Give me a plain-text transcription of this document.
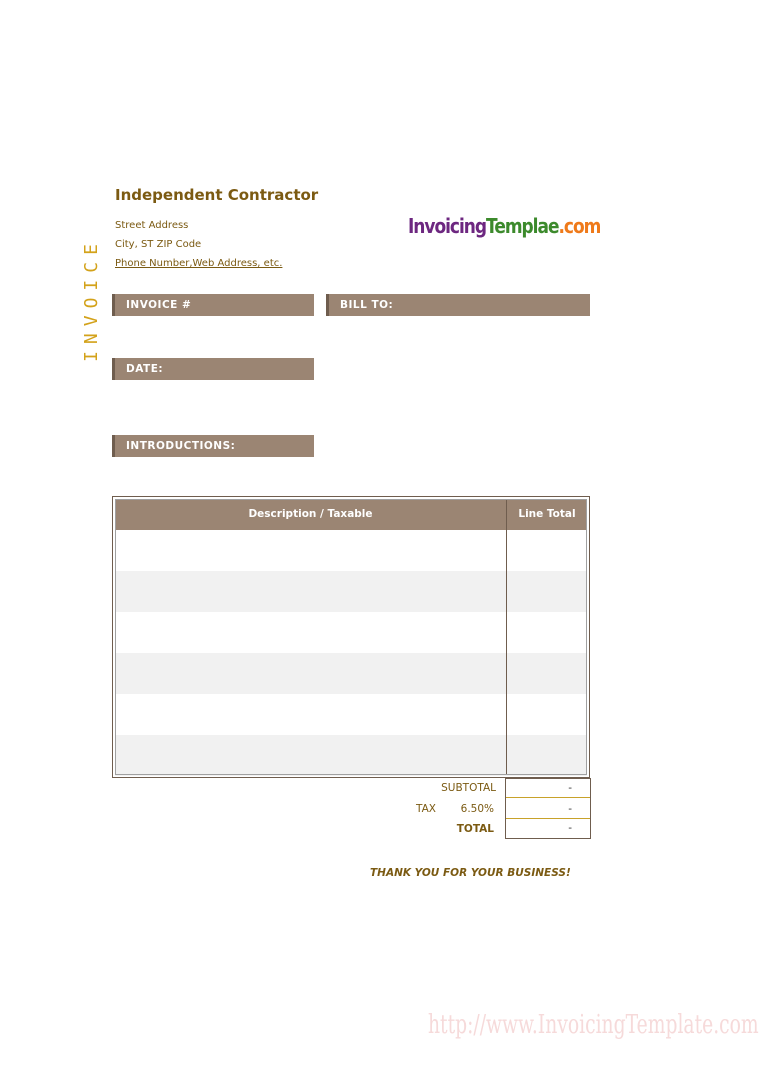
Independent Contractor
Street Address
City, ST ZIP Code
Phone Number,Web Address, etc.
INVOICE
InvoicingTemplae.com
INVOICE #	BILL TO:
DATE:
INTRODUCTIONS:
Description / Taxable	Line Total
SUBTOTAL	-
TAX	6.50%	-
TOTAL	-
THANK YOU FOR YOUR BUSINESS!
http://www.InvoicingTemplate.com
